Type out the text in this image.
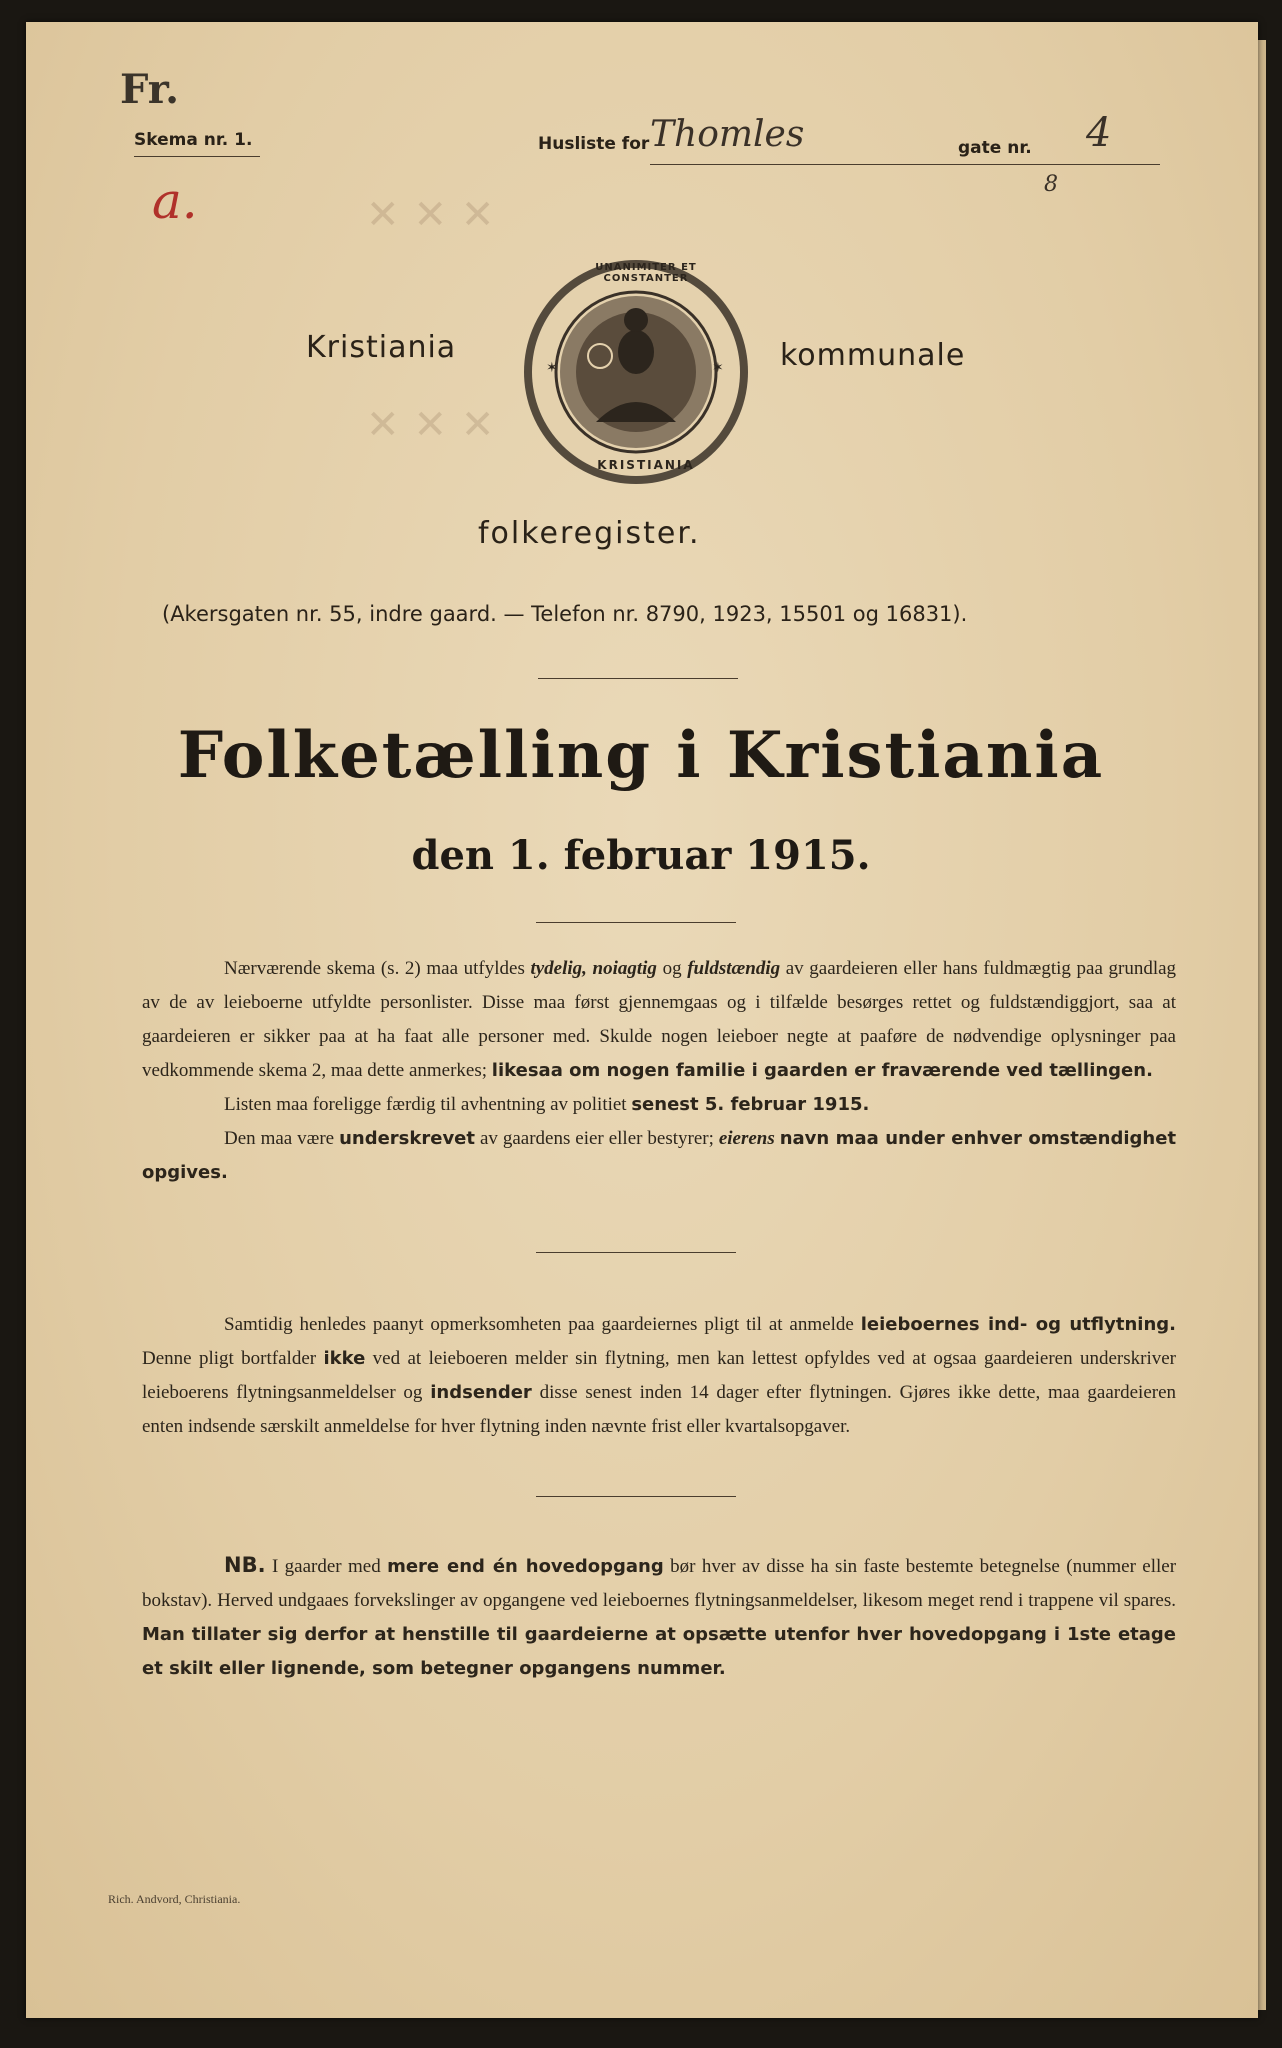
✕ ✕ ✕
✕ ✕ ✕
Fr.
Skema nr. 1.
a.
Husliste for Thomles	gate nr. 4
8
Kristiania	kommunale
✶	✶
UNANIMITER ET CONSTANTER
KRISTIANIA
folkeregister.
(Akersgaten nr. 55, indre gaard. — Telefon nr. 8790, 1923, 15501 og 16831).
Folketælling i Kristiania
den 1. februar 1915.

Nærværende skema (s. 2) maa utfyldes tydelig, noiagtig og fuldstændig av gaardeieren eller hans fuldmægtig paa grundlag av de av leieboerne utfyldte personlister. Disse maa først gjennemgaas og i tilfælde besørges rettet og fuldstændiggjort, saa at gaardeieren er sikker paa at ha faat alle personer med. Skulde nogen leieboer negte at paaføre de nødvendige oplysninger paa vedkommende skema 2, maa dette anmerkes; likesaa om nogen familie i gaarden er fraværende ved tællingen.

Listen maa foreligge færdig til avhentning av politiet senest 5. februar 1915.

Den maa være underskrevet av gaardens eier eller bestyrer; eierens navn maa under enhver omstændighet opgives.

Samtidig henledes paanyt opmerksomheten paa gaardeiernes pligt til at anmelde leieboernes ind- og utflytning. Denne pligt bortfalder ikke ved at leieboeren melder sin flytning, men kan lettest opfyldes ved at ogsaa gaardeieren underskriver leieboerens flytningsanmeldelser og indsender disse senest inden 14 dager efter flytningen. Gjøres ikke dette, maa gaardeieren enten indsende særskilt anmeldelse for hver flytning inden nævnte frist eller kvartalsopgaver.

NB. I gaarder med mere end én hovedopgang bør hver av disse ha sin faste bestemte betegnelse (nummer eller bokstav). Herved undgaaes forvekslinger av opgangene ved leieboernes flytningsanmeldelser, likesom meget rend i trappene vil spares. Man tillater sig derfor at henstille til gaardeierne at opsætte utenfor hver hovedopgang i 1ste etage et skilt eller lignende, som betegner opgangens nummer.

Rich. Andvord, Christiania.
